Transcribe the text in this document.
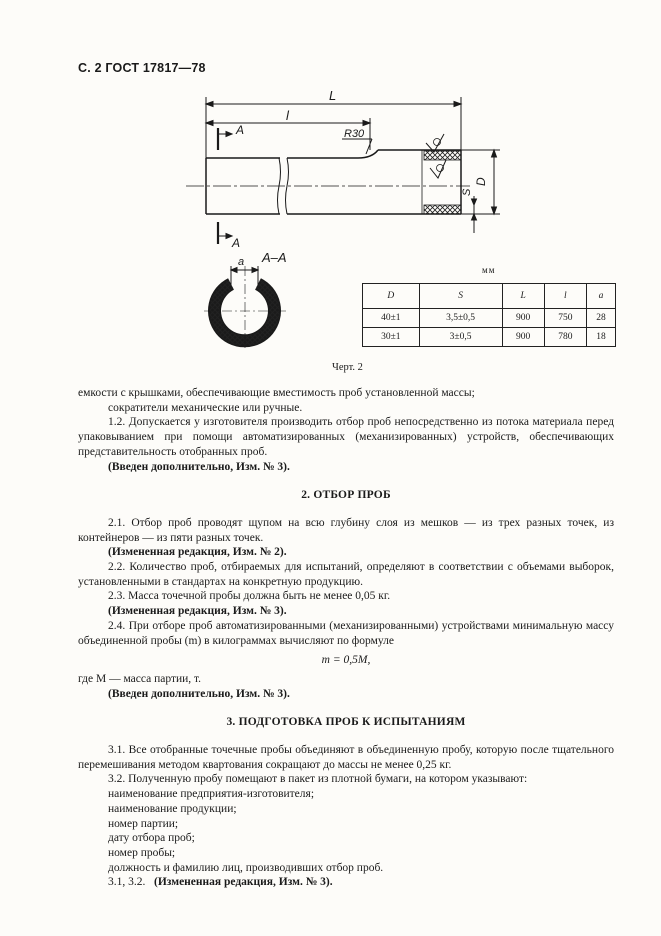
С. 2 ГОСТ 17817—78
L
l
A
A
R30
D
S
А–А
a
мм
D	S	L	l	a
40±1	3,5±0,5	900	750	28
30±1	3±0,5	900	780	18
Черт. 2

емкости с крышками, обеспечивающие вместимость проб установленной массы;

сократители механические или ручные.

1.2. Допускается у изготовителя производить отбор проб непосредственно из потока материала перед упаковыванием при помощи автоматизированных (механизированных) устройств, обеспечивающих представительность отобранных проб.

(Введен дополнительно, Изм. № 3).

2. ОТБОР ПРОБ

2.1. Отбор проб проводят щупом на всю глубину слоя из мешков — из трех разных точек, из контейнеров — из пяти разных точек.

(Измененная редакция, Изм. № 2).

2.2. Количество проб, отбираемых для испытаний, определяют в соответствии с объемами выборок, установленными в стандартах на конкретную продукцию.

2.3. Масса точечной пробы должна быть не менее 0,05 кг.

(Измененная редакция, Изм. № 3).

2.4. При отборе проб автоматизированными (механизированными) устройствами минимальную массу объединенной пробы (m) в килограммах вычисляют по формуле

m = 0,5M,

где M — масса партии, т.

(Введен дополнительно, Изм. № 3).

3. ПОДГОТОВКА ПРОБ К ИСПЫТАНИЯМ

3.1. Все отобранные точечные пробы объединяют в объединенную пробу, которую после тщательного перемешивания методом квартования сокращают до массы не менее 0,25 кг.

3.2. Полученную пробу помещают в пакет из плотной бумаги, на котором указывают:

наименование предприятия-изготовителя;

наименование продукции;

номер партии;

дату отбора проб;

номер пробы;

должность и фамилию лиц, производивших отбор проб.

3.1, 3.2. (Измененная редакция, Изм. № 3).
